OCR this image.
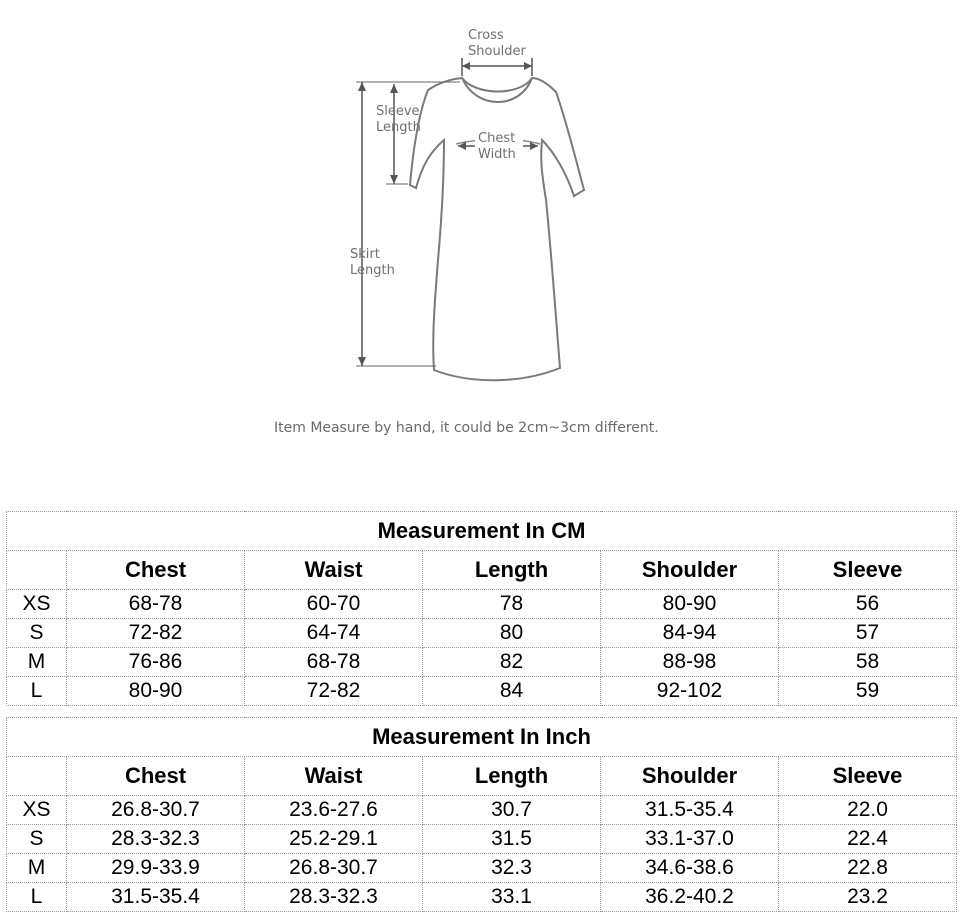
Cross
Shoulder
Skirt
Length
Sleeve
Length
Chest
Width
Item Measure by hand, it could be 2cm~3cm different.
Measurement In CM					
	Chest	Waist	Length	Shoulder	Sleeve
XS	68-78	60-70	78	80-90	56
S	72-82	64-74	80	84-94	57
M	76-86	68-78	82	88-98	58
L	80-90	72-82	84	92-102	59
Measurement In Inch					
	Chest	Waist	Length	Shoulder	Sleeve
XS	26.8-30.7	23.6-27.6	30.7	31.5-35.4	22.0
S	28.3-32.3	25.2-29.1	31.5	33.1-37.0	22.4
M	29.9-33.9	26.8-30.7	32.3	34.6-38.6	22.8
L	31.5-35.4	28.3-32.3	33.1	36.2-40.2	23.2
